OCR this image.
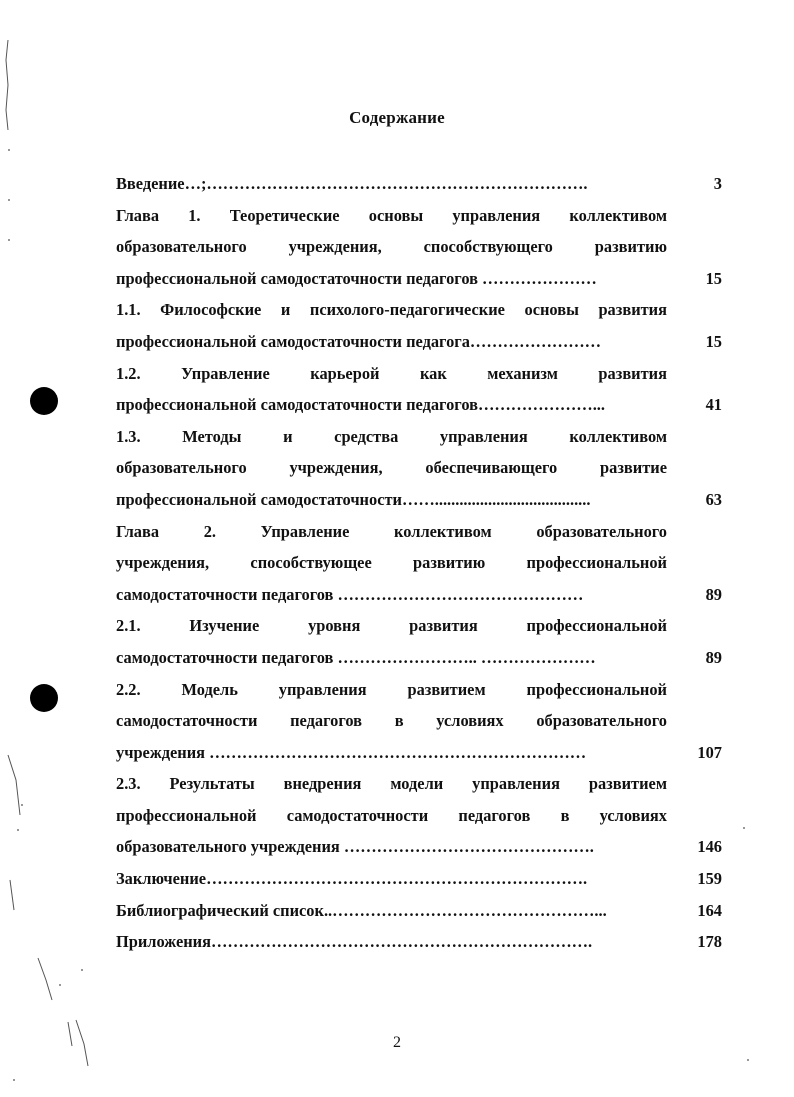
Содержание
Введение…;…………………………………………………………….	3
Глава 1. Теоретические основы управления коллективом
образовательного учреждения, способствующего развитию
профессиональной самодостаточности педагогов …………………	15
1.1. Философские и психолого-педагогические основы развития
профессиональной самодостаточности педагога……………………	15
1.2. Управление карьерой как механизм развития
профессиональной самодостаточности педагогов…………………...	41
1.3. Методы и средства управления коллективом
образовательного учреждения, обеспечивающего развитие
профессиональной самодостаточности……......................................	63
Глава 2. Управление коллективом образовательного
учреждения, способствующее развитию профессиональной
самодостаточности педагогов ………………………………………	89
2.1. Изучение уровня развития профессиональной
самодостаточности педагогов …………………….. …………………	89
2.2. Модель управления развитием профессиональной
самодостаточности педагогов в условиях образовательного
учреждения ……………………………………………………………	107
2.3. Результаты внедрения модели управления развитием
профессиональной самодостаточности педагогов в условиях
образовательного учреждения ……………………………………….	146
Заключение…………………………………………………………….	159
Библиографический список..…………………………………………...	164
Приложения…………………………………………………………….	178
2
